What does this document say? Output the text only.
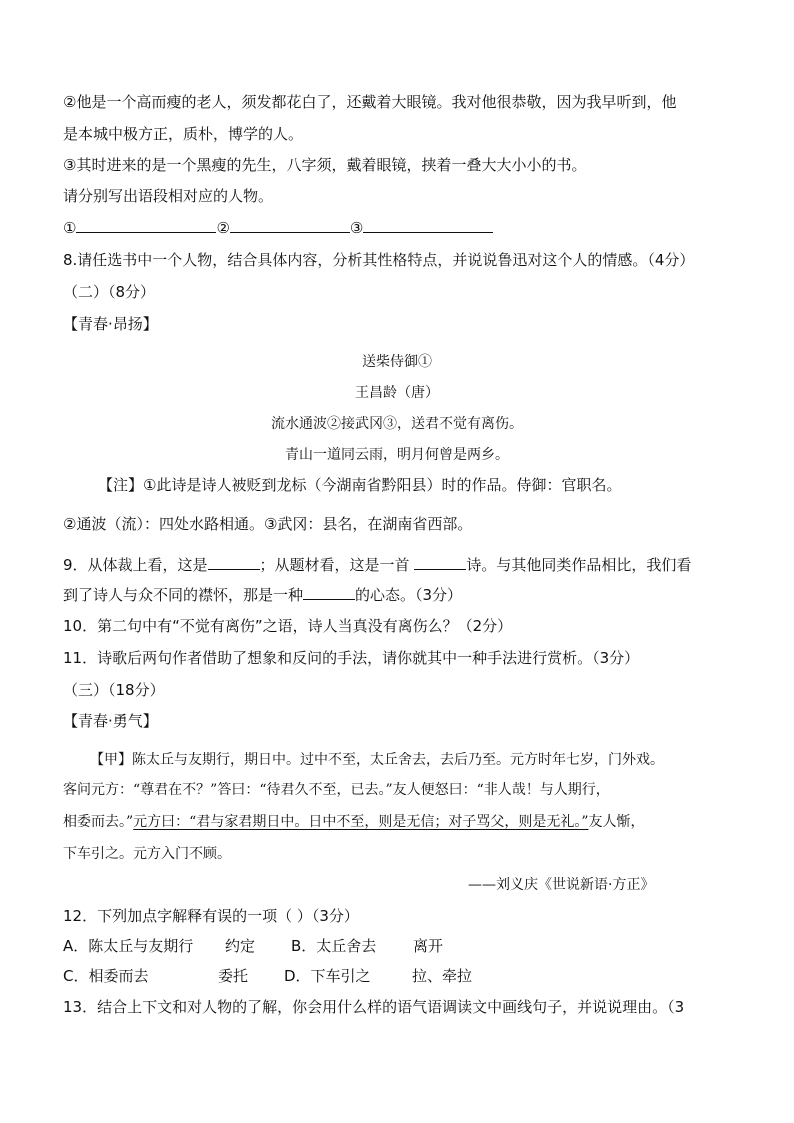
②他是一个高而瘦的老人，须发都花白了，还戴着大眼镜。我对他很恭敬，因为我早听到，他
是本城中极方正，质朴，博学的人。
③其时进来的是一个黑瘦的先生，八字须，戴着眼镜，挟着一叠大大小小的书。
请分别写出语段相对应的人物。
①	②	③
8.请任选书中一个人物，结合具体内容，分析其性格特点，并说说鲁迅对这个人的情感。（4分）
（二）（8分）
【青春·昂扬】
送柴侍御①
王昌龄（唐）
流水通波②接武冈③，送君不觉有离伤。
青山一道同云雨，明月何曾是两乡。
【注】①此诗是诗人被贬到龙标（今湖南省黔阳县）时的作品。侍御：官职名。
②通波（流）：四处水路相通。③武冈：县名，在湖南省西部。
9．从体裁上看，这是	；从题材看，这是一首	诗。与其他同类作品相比，我们看
到了诗人与众不同的襟怀，那是一种	的心态。（3分）
10．第二句中有“不觉有离伤”之语，诗人当真没有离伤么？（2分）
11．诗歌后两句作者借助了想象和反问的手法，请你就其中一种手法进行赏析。（3分）
（三）（18分）
【青春·勇气】
【甲】陈太丘与友期行，期日中。过中不至，太丘舍去，去后乃至。元方时年七岁，门外戏。
客问元方：“尊君在不？”答曰：“待君久不至，已去。”友人便怒曰：“非人哉！与人期行，
相委而去。”元方曰：“君与家君期日中。日中不至，则是无信；对子骂父，则是无礼。”友人惭，
下车引之。元方入门不顾。
——刘义庆《世说新语·方正》
12．下列加点字解释有误的一项（ ）（3分）
A．陈太丘与友期行 约定 B．太丘舍去 离开
C．相委而去	委托 D．下车引之	拉、牵拉
13．结合上下文和对人物的了解，你会用什么样的语气语调读文中画线句子，并说说理由。（3
